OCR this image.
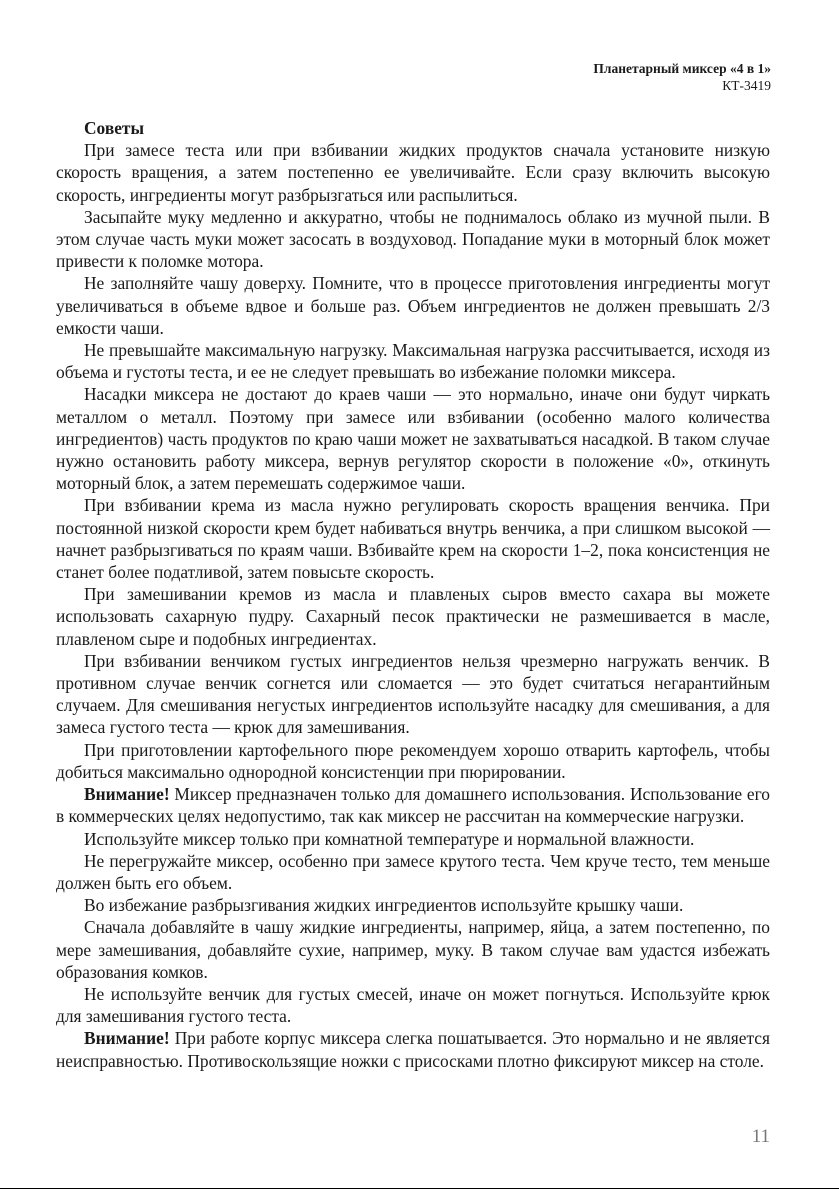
Планетарный миксер «4 в 1»
КТ-3419
Советы

При замесе теста или при взбивании жидких продуктов сначала установите низкую скорость вращения, а затем постепенно ее увеличивайте. Если сразу включить высокую скорость, ингредиенты могут разбрызгаться или распылиться.

Засыпайте муку медленно и аккуратно, чтобы не поднималось облако из мучной пыли. В этом случае часть муки может засосать в воздуховод. Попадание муки в моторный блок может привести к поломке мотора.

Не заполняйте чашу доверху. Помните, что в процессе приготовления ингредиенты могут увеличиваться в объеме вдвое и больше раз. Объем ингредиентов не должен превышать 2/3 емкости чаши.

Не превышайте максимальную нагрузку. Максимальная нагрузка рассчитывается, исходя из объема и густоты теста, и ее не следует превышать во избежание поломки миксера.

Насадки миксера не достают до краев чаши — это нормально, иначе они будут чиркать металлом о металл. Поэтому при замесе или взбивании (особенно малого количества ингредиентов) часть продуктов по краю чаши может не захватываться насадкой. В таком случае нужно остановить работу миксера, вернув регулятор скорости в положение «0», откинуть моторный блок, а затем перемешать содержимое чаши.

При взбивании крема из масла нужно регулировать скорость вращения венчика. При постоянной низкой скорости крем будет набиваться внутрь венчика, а при слишком высокой — начнет разбрызгиваться по краям чаши. Взбивайте крем на скорости 1–2, пока консистенция не станет более податливой, затем повысьте скорость.

При замешивании кремов из масла и плавленых сыров вместо сахара вы можете использовать сахарную пудру. Сахарный песок практически не размешивается в масле, плавленом сыре и подобных ингредиентах.

При взбивании венчиком густых ингредиентов нельзя чрезмерно нагружать венчик. В противном случае венчик согнется или сломается — это будет считаться негарантийным случаем. Для смешивания негустых ингредиентов используйте насадку для смешивания, а для замеса густого теста — крюк для замешивания.

При приготовлении картофельного пюре рекомендуем хорошо отварить картофель, чтобы добиться максимально однородной консистенции при пюрировании.

Внимание! Миксер предназначен только для домашнего использования. Использование его в коммерческих целях недопустимо, так как миксер не рассчитан на коммерческие нагрузки.

Используйте миксер только при комнатной температуре и нормальной влажности.

Не перегружайте миксер, особенно при замесе крутого теста. Чем круче тесто, тем меньше должен быть его объем.

Во избежание разбрызгивания жидких ингредиентов используйте крышку чаши.

Сначала добавляйте в чашу жидкие ингредиенты, например, яйца, а затем постепенно, по мере замешивания, добавляйте сухие, например, муку. В таком случае вам удастся избежать образования комков.

Не используйте венчик для густых смесей, иначе он может погнуться. Используйте крюк для замешивания густого теста.

Внимание! При работе корпус миксера слегка пошатывается. Это нормально и не является неисправностью. Противоскользящие ножки с присосками плотно фиксируют миксер на столе.

11
